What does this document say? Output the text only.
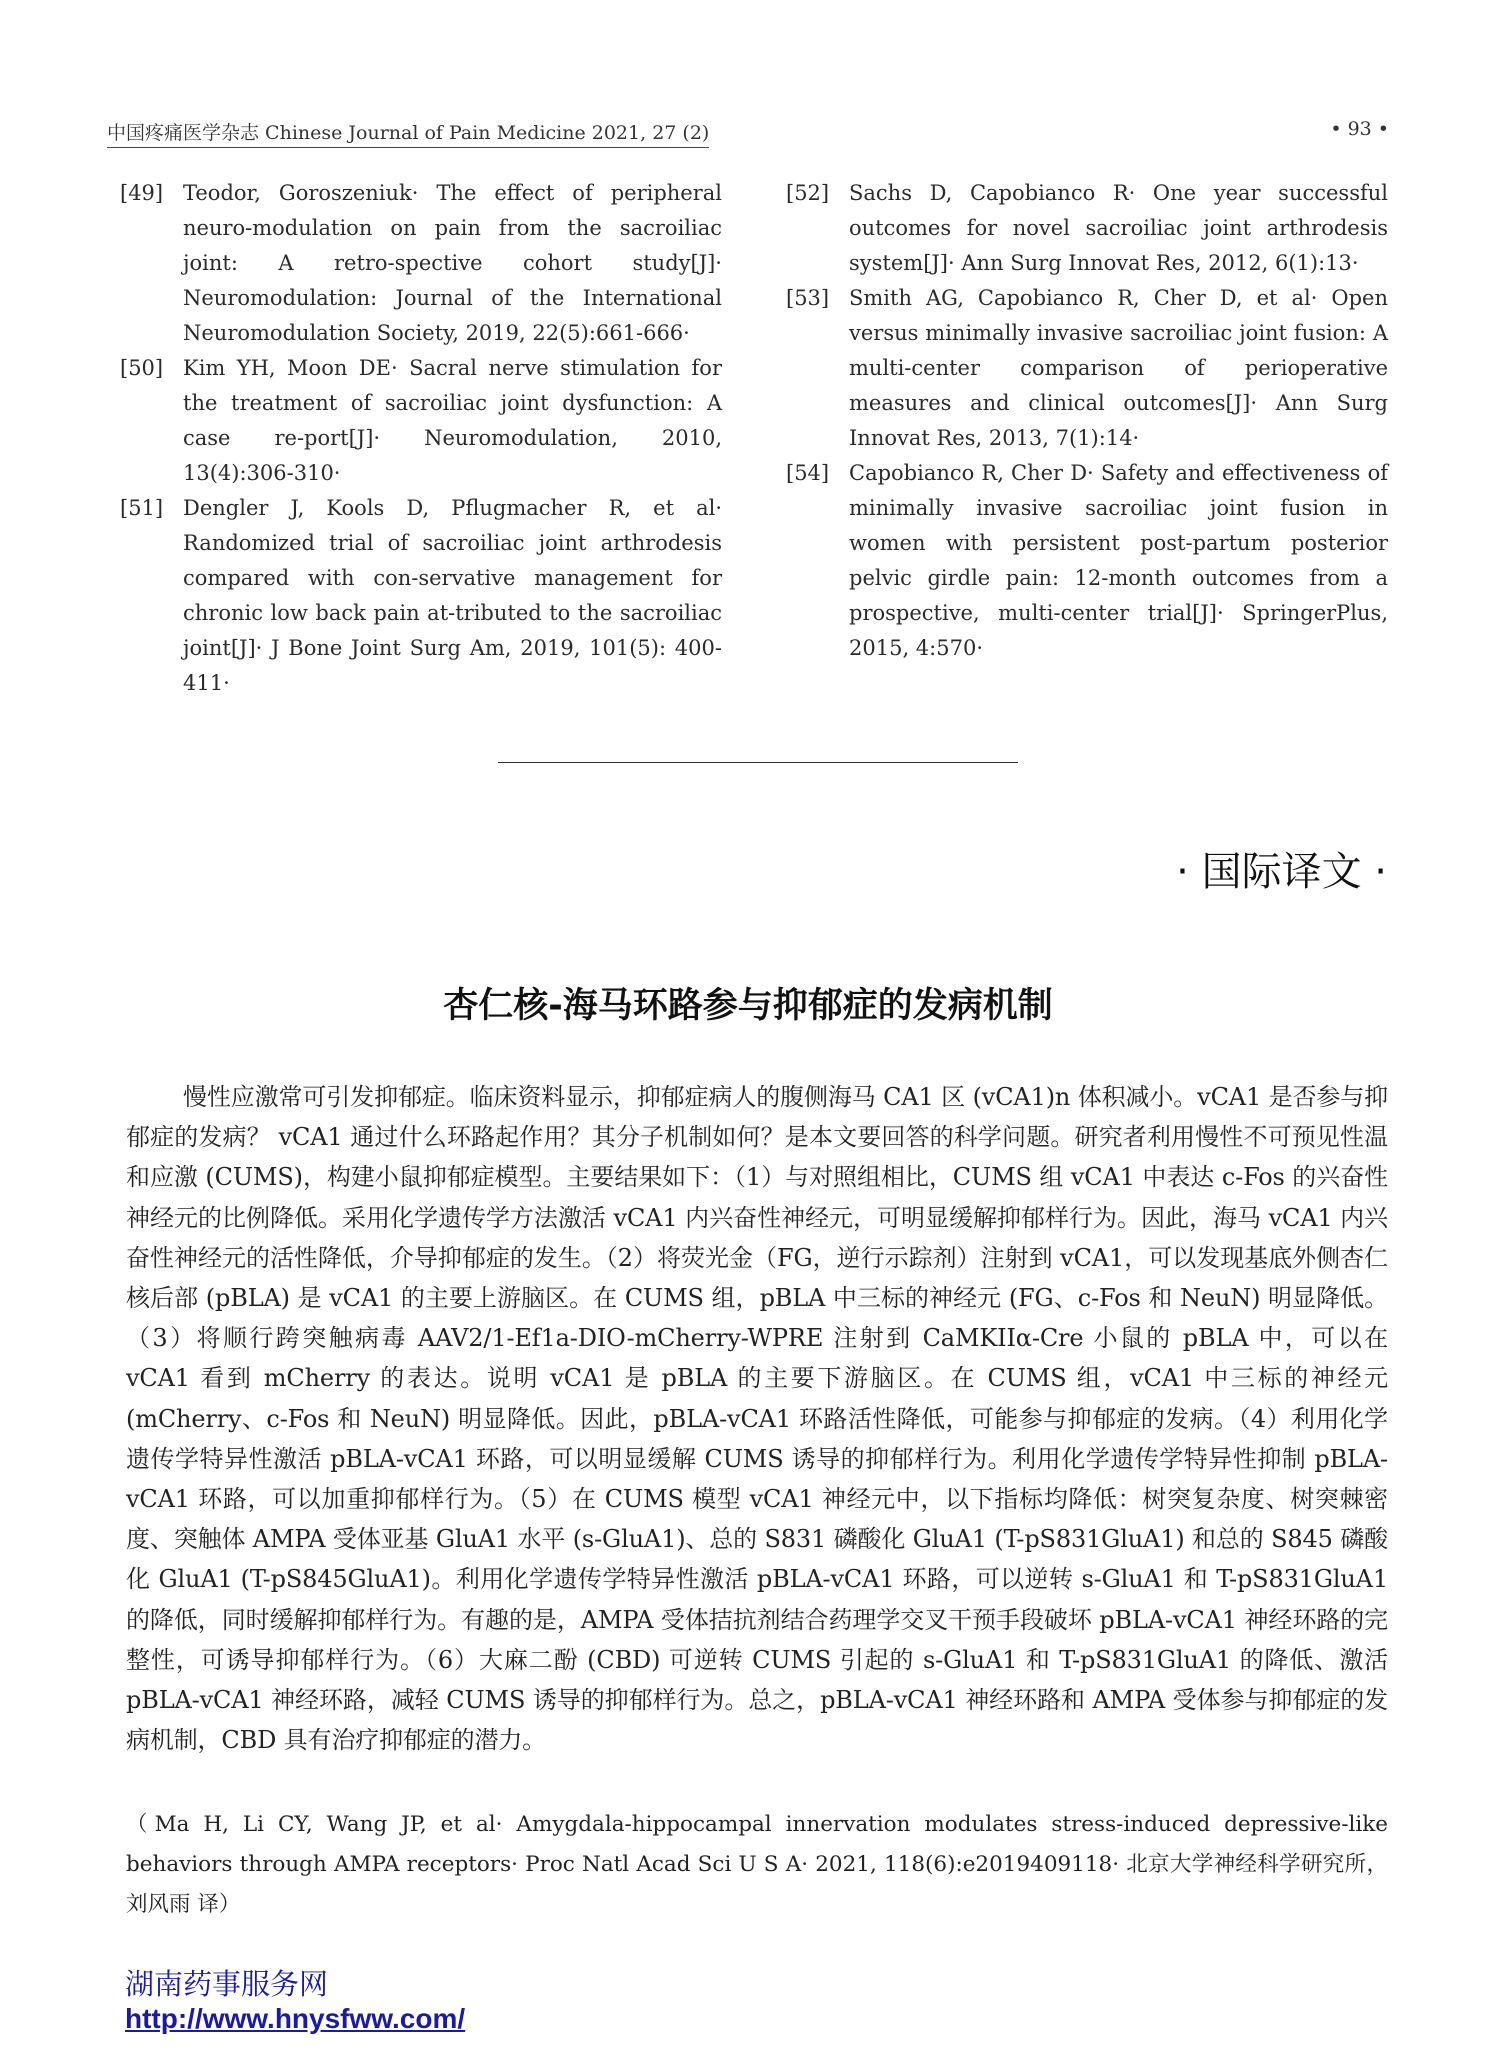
中国疼痛医学杂志 Chinese Journal of Pain Medicine 2021, 27 (2)	• 93 •
[49] Teodor, Goroszeniuk· The effect of peripheral neuro-modulation on pain from the sacroiliac joint: A retro-spective cohort study[J]· Neuromodulation: Journal of the International Neuromodulation Society, 2019, 22(5):661-666·
[50] Kim YH, Moon DE· Sacral nerve stimulation for the treatment of sacroiliac joint dysfunction: A case re-port[J]· Neuromodulation, 2010, 13(4):306-310·
[51] Dengler J, Kools D, Pflugmacher R, et al· Randomized trial of sacroiliac joint arthrodesis compared with con-servative management for chronic low back pain at-tributed to the sacroiliac joint[J]· J Bone Joint Surg Am, 2019, 101(5): 400-411·
[52] Sachs D, Capobianco R· One year successful outcomes for novel sacroiliac joint arthrodesis system[J]· Ann Surg Innovat Res, 2012, 6(1):13·
[53] Smith AG, Capobianco R, Cher D, et al· Open versus minimally invasive sacroiliac joint fusion: A multi-center comparison of perioperative measures and clinical outcomes[J]· Ann Surg Innovat Res, 2013, 7(1):14·
[54] Capobianco R, Cher D· Safety and effectiveness of minimally invasive sacroiliac joint fusion in women with persistent post-partum posterior pelvic girdle pain: 12-month outcomes from a prospective, multi-center trial[J]· SpringerPlus, 2015, 4:570·
· 国际译文 ·
杏仁核-海马环路参与抑郁症的发病机制

慢性应激常可引发抑郁症。临床资料显示，抑郁症病人的腹侧海马 CA1 区 (vCA1)n 体积减小。vCA1 是否参与抑郁症的发病？ vCA1 通过什么环路起作用？其分子机制如何？是本文要回答的科学问题。研究者利用慢性不可预见性温和应激 (CUMS)，构建小鼠抑郁症模型。主要结果如下：（1）与对照组相比，CUMS 组 vCA1 中表达 c-Fos 的兴奋性神经元的比例降低。采用化学遗传学方法激活 vCA1 内兴奋性神经元，可明显缓解抑郁样行为。因此，海马 vCA1 内兴奋性神经元的活性降低，介导抑郁症的发生。（2）将荧光金（FG，逆行示踪剂）注射到 vCA1，可以发现基底外侧杏仁核后部 (pBLA) 是 vCA1 的主要上游脑区。在 CUMS 组，pBLA 中三标的神经元 (FG、c-Fos 和 NeuN) 明显降低。（3）将顺行跨突触病毒 AAV2/1-Ef1a-DIO-mCherry-WPRE 注射到 CaMKIIα-Cre 小鼠的 pBLA 中，可以在 vCA1 看到 mCherry 的表达。说明 vCA1 是 pBLA 的主要下游脑区。在 CUMS 组，vCA1 中三标的神经元 (mCherry、c-Fos 和 NeuN) 明显降低。因此，pBLA-vCA1 环路活性降低，可能参与抑郁症的发病。（4）利用化学遗传学特异性激活 pBLA-vCA1 环路，可以明显缓解 CUMS 诱导的抑郁样行为。利用化学遗传学特异性抑制 pBLA-vCA1 环路，可以加重抑郁样行为。（5）在 CUMS 模型 vCA1 神经元中，以下指标均降低：树突复杂度、树突棘密度、突触体 AMPA 受体亚基 GluA1 水平 (s-GluA1)、总的 S831 磷酸化 GluA1 (T-pS831GluA1) 和总的 S845 磷酸化 GluA1 (T-pS845GluA1)。利用化学遗传学特异性激活 pBLA-vCA1 环路，可以逆转 s-GluA1 和 T-pS831GluA1 的降低，同时缓解抑郁样行为。有趣的是，AMPA 受体拮抗剂结合药理学交叉干预手段破坏 pBLA-vCA1 神经环路的完整性，可诱导抑郁样行为。（6）大麻二酚 (CBD) 可逆转 CUMS 引起的 s-GluA1 和 T-pS831GluA1 的降低、激活 pBLA-vCA1 神经环路，减轻 CUMS 诱导的抑郁样行为。总之，pBLA-vCA1 神经环路和 AMPA 受体参与抑郁症的发病机制，CBD 具有治疗抑郁症的潜力。

（Ma H, Li CY, Wang JP, et al· Amygdala-hippocampal innervation modulates stress-induced depressive-like behaviors through AMPA receptors· Proc Natl Acad Sci U S A· 2021, 118(6):e2019409118· 北京大学神经科学研究所，刘风雨 译）

湖南药事服务网
http://www.hnysfww.com/
